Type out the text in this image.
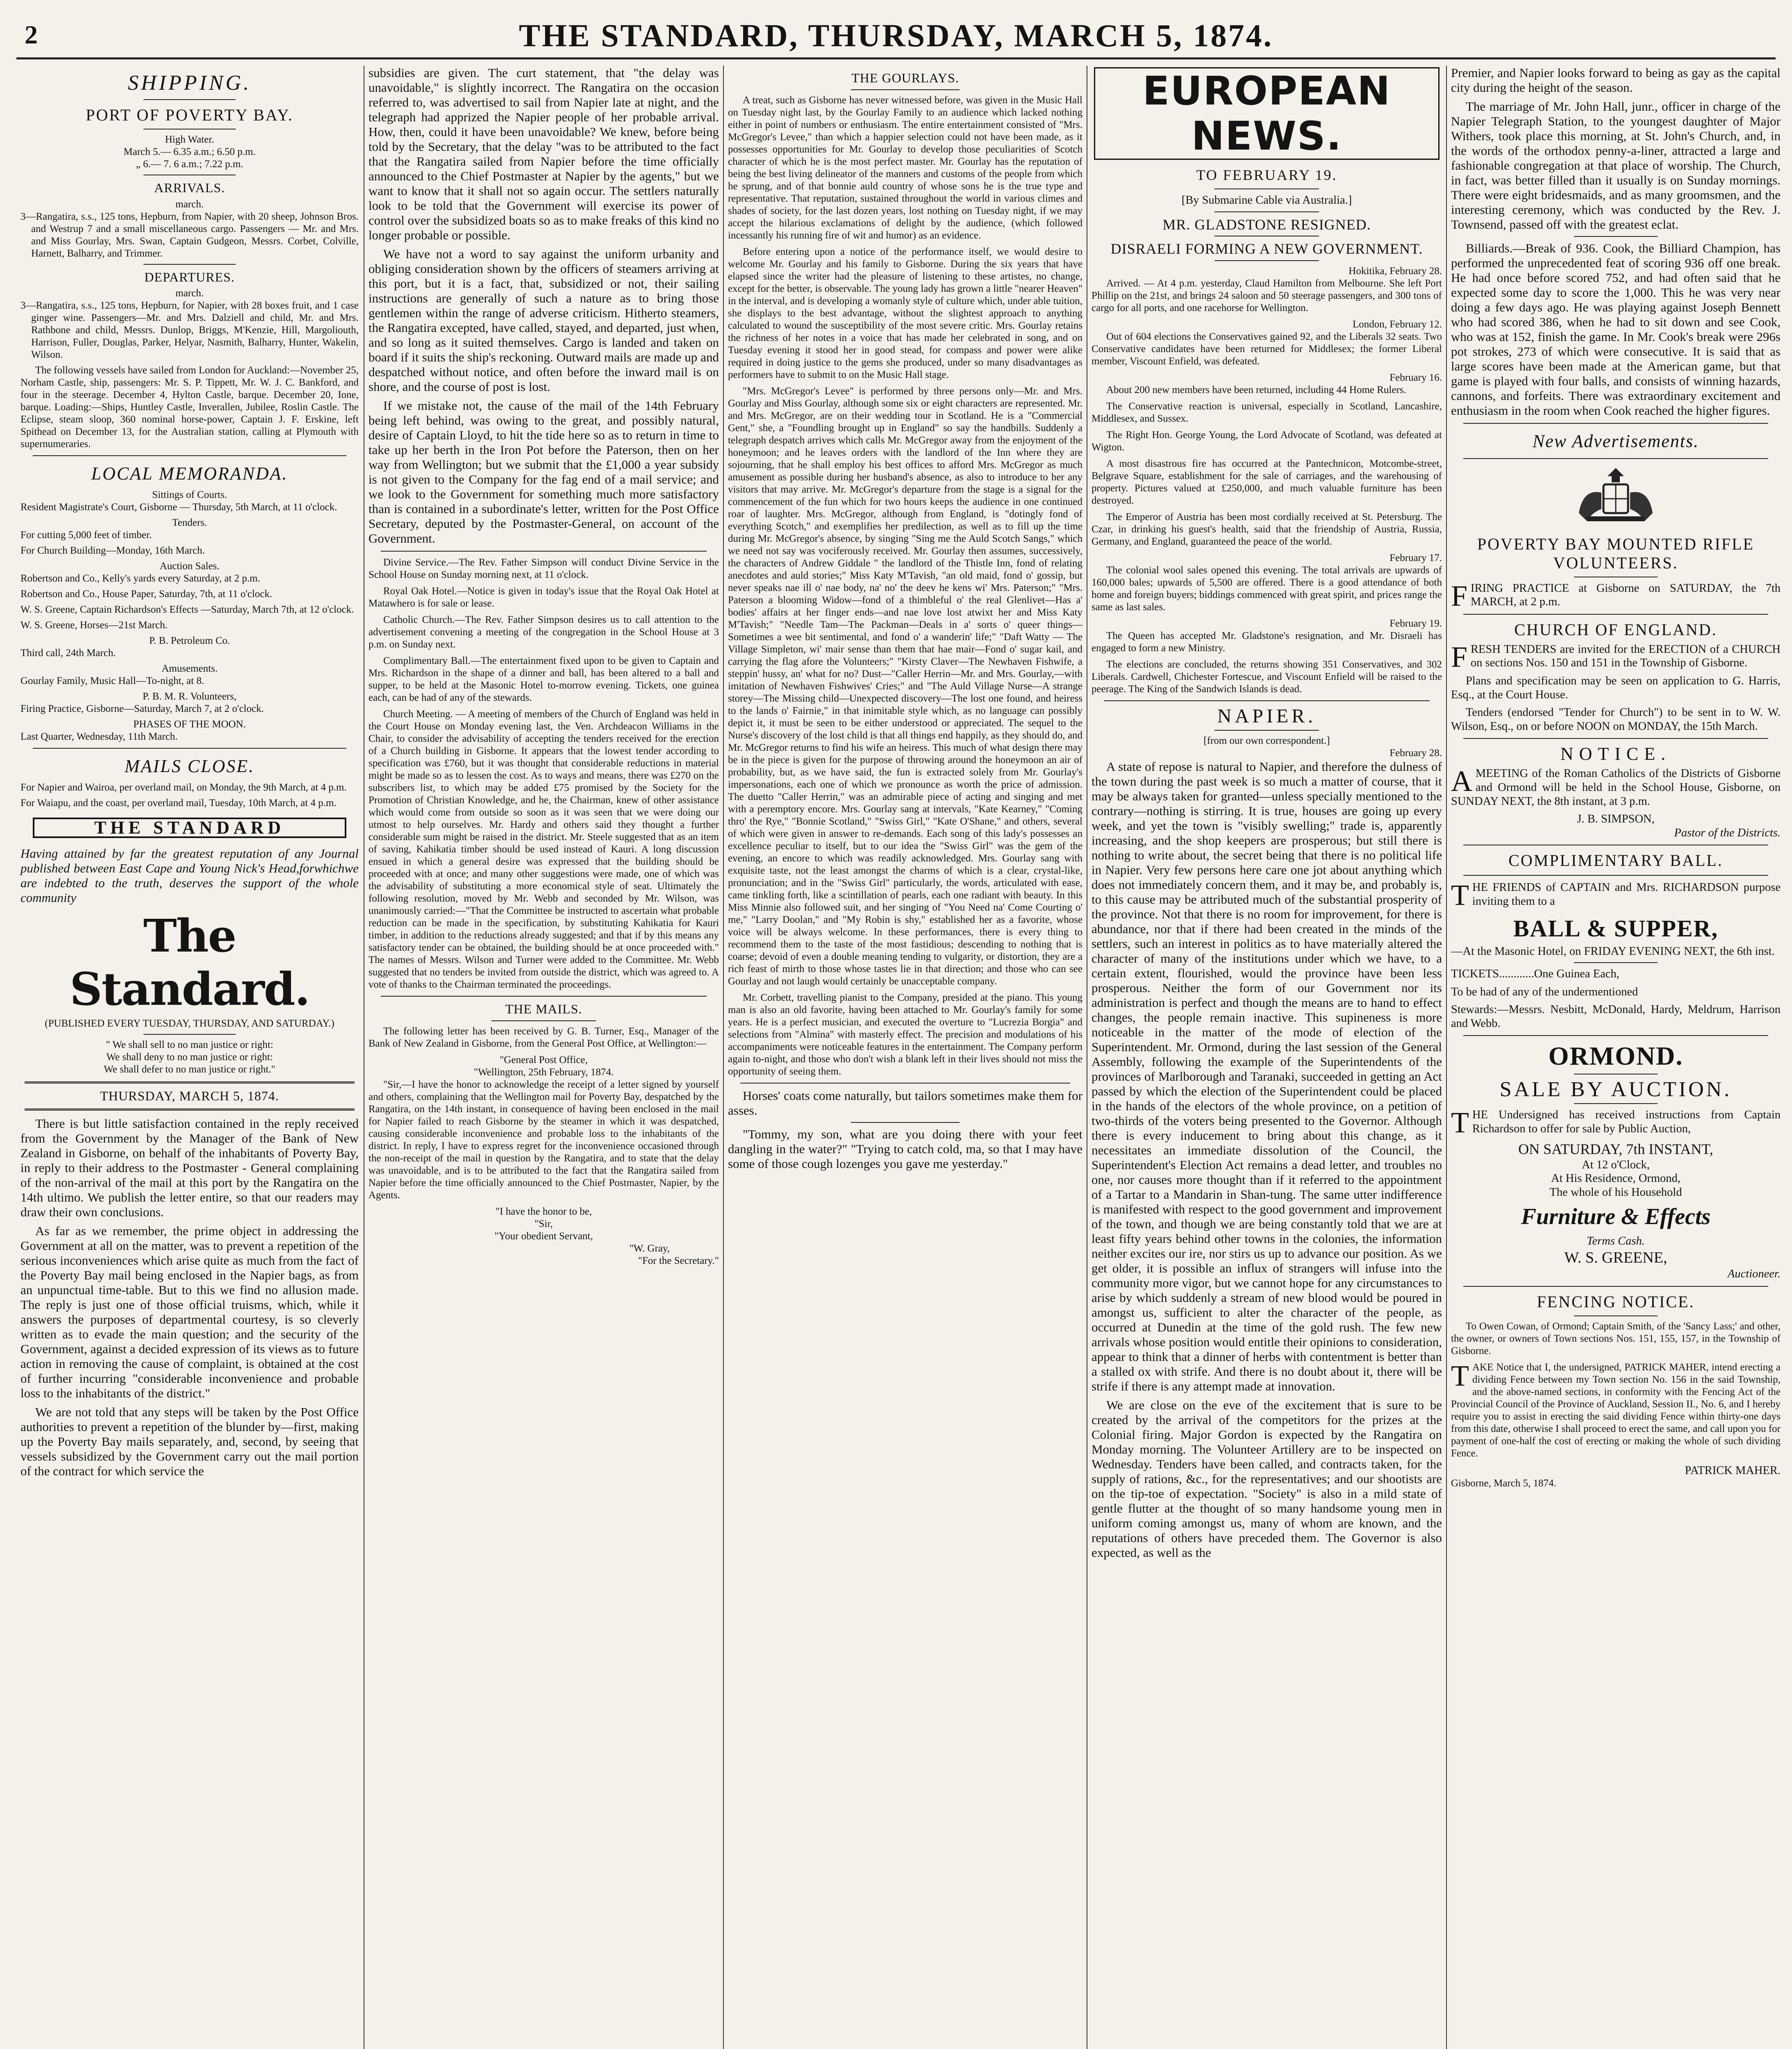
2	THE STANDARD, THURSDAY, MARCH 5, 1874.
SHIPPING.
PORT OF POVERTY BAY.
High Water.
March 5.— 6.35 a.m.; 6.50 p.m.
„ 6.— 7. 6 a.m.; 7.22 p.m.
ARRIVALS.
march.
3—Rangatira, s.s., 125 tons, Hepburn, from Napier, with 20 sheep, Johnson Bros. and Westrup 7 and a small miscellaneous cargo. Passengers — Mr. and Mrs. and Miss Gourlay, Mrs. Swan, Captain Gudgeon, Messrs. Corbet, Colville, Harnett, Balharry, and Trimmer.
DEPARTURES.
march.
3—Rangatira, s.s., 125 tons, Hepburn, for Napier, with 28 boxes fruit, and 1 case ginger wine. Passengers—Mr. and Mrs. Dalziell and child, Mr. and Mrs. Rathbone and child, Messrs. Dunlop, Briggs, M'Kenzie, Hill, Margoliouth, Harrison, Fuller, Douglas, Parker, Helyar, Nasmith, Balharry, Hunter, Wakelin, Wilson.

The following vessels have sailed from London for Auckland:—November 25, Norham Castle, ship, passengers: Mr. S. P. Tippett, Mr. W. J. C. Bankford, and four in the steerage. December 4, Hylton Castle, barque. December 20, Ione, barque. Loading:—Ships, Huntley Castle, Inverallen, Jubilee, Roslin Castle. The Eclipse, steam sloop, 360 nominal horse-power, Captain J. F. Erskine, left Spithead on December 13, for the Australian station, calling at Plymouth with supernumeraries.

LOCAL MEMORANDA.
Sittings of Courts.
Resident Magistrate's Court, Gisborne — Thursday, 5th March, at 11 o'clock.
Tenders.
For cutting 5,000 feet of timber.
For Church Building—Monday, 16th March.
Auction Sales.
Robertson and Co., Kelly's yards every Saturday, at 2 p.m.
Robertson and Co., House Paper, Saturday, 7th, at 11 o'clock.
W. S. Greene, Captain Richardson's Effects —Saturday, March 7th, at 12 o'clock.
W. S. Greene, Horses—21st March.
P. B. Petroleum Co.
Third call, 24th March.
Amusements.
Gourlay Family, Music Hall—To-night, at 8.
P. B. M. R. Volunteers,
Firing Practice, Gisborne—Saturday, March 7, at 2 o'clock.
PHASES OF THE MOON.
Last Quarter, Wednesday, 11th March.
MAILS CLOSE.
For Napier and Wairoa, per overland mail, on Monday, the 9th March, at 4 p.m.
For Waiapu, and the coast, per overland mail, Tuesday, 10th March, at 4 p.m.
THE STANDARD

Having attained by far the greatest reputation of any Journal published between East Cape and Young Nick's Head,forwhichwe are indebted to the truth, deserves the support of the whole community

The Standard.
(PUBLISHED EVERY TUESDAY, THURSDAY, AND SATURDAY.)
" We shall sell to no man justice or right:
We shall deny to no man justice or right:
We shall defer to no man justice or right."
THURSDAY, MARCH 5, 1874.

There is but little satisfaction contained in the reply received from the Government by the Manager of the Bank of New Zealand in Gisborne, on behalf of the inhabitants of Poverty Bay, in reply to their address to the Postmaster - General complaining of the non-arrival of the mail at this port by the Rangatira on the 14th ultimo. We publish the letter entire, so that our readers may draw their own conclusions.

As far as we remember, the prime object in addressing the Government at all on the matter, was to prevent a repetition of the serious inconveniences which arise quite as much from the fact of the Poverty Bay mail being enclosed in the Napier bags, as from an unpunctual time-table. But to this we find no allusion made. The reply is just one of those official truisms, which, while it answers the purposes of departmental courtesy, is so cleverly written as to evade the main question; and the security of the Government, against a decided expression of its views as to future action in removing the cause of complaint, is obtained at the cost of further incurring "considerable inconvenience and probable loss to the inhabitants of the district."

We are not told that any steps will be taken by the Post Office authorities to prevent a repetition of the blunder by—first, making up the Poverty Bay mails separately, and, second, by seeing that vessels subsidized by the Government carry out the mail portion of the contract for which service the

subsidies are given. The curt statement, that "the delay was unavoidable," is slightly incorrect. The Rangatira on the occasion referred to, was advertised to sail from Napier late at night, and the telegraph had apprized the Napier people of her probable arrival. How, then, could it have been unavoidable? We knew, before being told by the Secretary, that the delay "was to be attributed to the fact that the Rangatira sailed from Napier before the time officially announced to the Chief Postmaster at Napier by the agents," but we want to know that it shall not so again occur. The settlers naturally look to be told that the Government will exercise its power of control over the subsidized boats so as to make freaks of this kind no longer probable or possible.

We have not a word to say against the uniform urbanity and obliging consideration shown by the officers of steamers arriving at this port, but it is a fact, that, subsidized or not, their sailing instructions are generally of such a nature as to bring those gentlemen within the range of adverse criticism. Hitherto steamers, the Rangatira excepted, have called, stayed, and departed, just when, and so long as it suited themselves. Cargo is landed and taken on board if it suits the ship's reckoning. Outward mails are made up and despatched without notice, and often before the inward mail is on shore, and the course of post is lost.

If we mistake not, the cause of the mail of the 14th February being left behind, was owing to the great, and possibly natural, desire of Captain Lloyd, to hit the tide here so as to return in time to take up her berth in the Iron Pot before the Paterson, then on her way from Wellington; but we submit that the £1,000 a year subsidy is not given to the Company for the fag end of a mail service; and we look to the Government for something much more satisfactory than is contained in a subordinate's letter, written for the Post Office Secretary, deputed by the Postmaster-General, on account of the Government.

Divine Service.—The Rev. Father Simpson will conduct Divine Service in the School House on Sunday morning next, at 11 o'clock.

Royal Oak Hotel.—Notice is given in today's issue that the Royal Oak Hotel at Matawhero is for sale or lease.

Catholic Church.—The Rev. Father Simpson desires us to call attention to the advertisement convening a meeting of the congregation in the School House at 3 p.m. on Sunday next.

Complimentary Ball.—The entertainment fixed upon to be given to Captain and Mrs. Richardson in the shape of a dinner and ball, has been altered to a ball and supper, to be held at the Masonic Hotel to-morrow evening. Tickets, one guinea each, can be had of any of the stewards.

Church Meeting. — A meeting of members of the Church of England was held in the Court House on Monday evening last, the Ven. Archdeacon Williams in the Chair, to consider the advisability of accepting the tenders received for the erection of a Church building in Gisborne. It appears that the lowest tender according to specification was £760, but it was thought that considerable reductions in material might be made so as to lessen the cost. As to ways and means, there was £270 on the subscribers list, to which may be added £75 promised by the Society for the Promotion of Christian Knowledge, and he, the Chairman, knew of other assistance which would come from outside so soon as it was seen that we were doing our utmost to help ourselves. Mr. Hardy and others said they thought a further considerable sum might be raised in the district. Mr. Steele suggested that as an item of saving, Kahikatia timber should be used instead of Kauri. A long discussion ensued in which a general desire was expressed that the building should be proceeded with at once; and many other suggestions were made, one of which was the advisability of substituting a more economical style of seat. Ultimately the following resolution, moved by Mr. Webb and seconded by Mr. Wilson, was unanimously carried:—"That the Committee be instructed to ascertain what probable reduction can be made in the specification, by substituting Kahikatia for Kauri timber, in addition to the reductions already suggested; and that if by this means any satisfactory tender can be obtained, the building should be at once proceeded with." The names of Messrs. Wilson and Turner were added to the Committee. Mr. Webb suggested that no tenders be invited from outside the district, which was agreed to. A vote of thanks to the Chairman terminated the proceedings.

THE MAILS.

The following letter has been received by G. B. Turner, Esq., Manager of the Bank of New Zealand in Gisborne, from the General Post Office, at Wellington:—

"General Post Office,
"Wellington, 25th February, 1874.

"Sir,—I have the honor to acknowledge the receipt of a letter signed by yourself and others, complaining that the Wellington mail for Poverty Bay, despatched by the Rangatira, on the 14th instant, in consequence of having been enclosed in the mail for Napier failed to reach Gisborne by the steamer in which it was despatched, causing considerable inconvenience and probable loss to the inhabitants of the district. In reply, I have to express regret for the inconvenience occasioned through the non-receipt of the mail in question by the Rangatira, and to state that the delay was unavoidable, and is to be attributed to the fact that the Rangatira sailed from Napier before the time officially announced to the Chief Postmaster, Napier, by the Agents.

"I have the honor to be,
"Sir,
"Your obedient Servant,
"W. Gray,
"For the Secretary."
THE GOURLAYS.

A treat, such as Gisborne has never witnessed before, was given in the Music Hall on Tuesday night last, by the Gourlay Family to an audience which lacked nothing either in point of numbers or enthusiasm. The entire entertainment consisted of "Mrs. McGregor's Levee," than which a happier selection could not have been made, as it possesses opportunities for Mr. Gourlay to develop those peculiarities of Scotch character of which he is the most perfect master. Mr. Gourlay has the reputation of being the best living delineator of the manners and customs of the people from which he sprung, and of that bonnie auld country of whose sons he is the true type and representative. That reputation, sustained throughout the world in various climes and shades of society, for the last dozen years, lost nothing on Tuesday night, if we may accept the hilarious exclamations of delight by the audience, (which followed incessantly his running fire of wit and humor) as an evidence.

Before entering upon a notice of the performance itself, we would desire to welcome Mr. Gourlay and his family to Gisborne. During the six years that have elapsed since the writer had the pleasure of listening to these artistes, no change, except for the better, is observable. The young lady has grown a little "nearer Heaven" in the interval, and is developing a womanly style of culture which, under able tuition, she displays to the best advantage, without the slightest approach to anything calculated to wound the susceptibility of the most severe critic. Mrs. Gourlay retains the richness of her notes in a voice that has made her celebrated in song, and on Tuesday evening it stood her in good stead, for compass and power were alike required in doing justice to the gems she produced, under so many disadvantages as performers have to submit to on the Music Hall stage.

"Mrs. McGregor's Levee" is performed by three persons only—Mr. and Mrs. Gourlay and Miss Gourlay, although some six or eight characters are represented. Mr. and Mrs. McGregor, are on their wedding tour in Scotland. He is a "Commercial Gent," she, a "Foundling brought up in England" so say the handbills. Suddenly a telegraph despatch arrives which calls Mr. McGregor away from the enjoyment of the honeymoon; and he leaves orders with the landlord of the Inn where they are sojourning, that he shall employ his best offices to afford Mrs. McGregor as much amusement as possible during her husband's absence, as also to introduce to her any visitors that may arrive. Mr. McGregor's departure from the stage is a signal for the commencement of the fun which for two hours keeps the audience in one continued roar of laughter. Mrs. McGregor, although from England, is "dotingly fond of everything Scotch," and exemplifies her predilection, as well as to fill up the time during Mr. McGregor's absence, by singing "Sing me the Auld Scotch Sangs," which we need not say was vociferously received. Mr. Gourlay then assumes, successively, the characters of Andrew Giddale " the landlord of the Thistle Inn, fond of relating anecdotes and auld stories;" Miss Katy M'Tavish, "an old maid, fond o' gossip, but never speaks nae ill o' nae body, na' no' the deev he kens wi' Mrs. Paterson;" "Mrs. Paterson a blooming Widow—fond of a thimbleful o' the real Glenlivet—Has a' bodies' affairs at her finger ends—and nae love lost atwixt her and Miss Katy M'Tavish;" "Needle Tam—The Packman—Deals in a' sorts o' queer things—Sometimes a wee bit sentimental, and fond o' a wanderin' life;" "Daft Watty — The Village Simpleton, wi' mair sense than them that hae mair—Fond o' sugar kail, and carrying the flag afore the Volunteers;" "Kirsty Claver—The Newhaven Fishwife, a steppin' hussy, an' what for no? Dust—"Caller Herrin—Mr. and Mrs. Gourlay,—with imitation of Newhaven Fishwives' Cries;" and "The Auld Village Nurse—A strange storey—The Missing child—Unexpected discovery—The lost one found, and heiress to the lands o' Fairnie," in that inimitable style which, as no language can possibly depict it, it must be seen to be either understood or appreciated. The sequel to the Nurse's discovery of the lost child is that all things end happily, as they should do, and Mr. McGregor returns to find his wife an heiress. This much of what design there may be in the piece is given for the purpose of throwing around the honeymoon an air of probability, but, as we have said, the fun is extracted solely from Mr. Gourlay's impersonations, each one of which we pronounce as worth the price of admission. The duetto "Caller Herrin," was an admirable piece of acting and singing and met with a peremptory encore. Mrs. Gourlay sang at intervals, "Kate Kearney," "Coming thro' the Rye," "Bonnie Scotland," "Swiss Girl," "Kate O'Shane," and others, several of which were given in answer to re-demands. Each song of this lady's possesses an excellence peculiar to itself, but to our idea the "Swiss Girl" was the gem of the evening, an encore to which was readily acknowledged. Mrs. Gourlay sang with exquisite taste, not the least amongst the charms of which is a clear, crystal-like, pronunciation; and in the "Swiss Girl" particularly, the words, articulated with ease, came tinkling forth, like a scintillation of pearls, each one radiant with beauty. In this Miss Minnie also followed suit, and her singing of "You Need na' Come Courting o' me," "Larry Doolan," and "My Robin is shy," established her as a favorite, whose voice will be always welcome. In these performances, there is every thing to recommend them to the taste of the most fastidious; descending to nothing that is coarse; devoid of even a double meaning tending to vulgarity, or distortion, they are a rich feast of mirth to those whose tastes lie in that direction; and those who can see Gourlay and not laugh would certainly be unacceptable company.

Mr. Corbett, travelling pianist to the Company, presided at the piano. This young man is also an old favorite, having been attached to Mr. Gourlay's family for some years. He is a perfect musician, and executed the overture to "Lucrezia Borgia" and selections from "Almina" with masterly effect. The precision and modulations of his accompaniments were noticeable features in the entertainment. The Company perform again to-night, and those who don't wish a blank left in their lives should not miss the opportunity of seeing them.

Horses' coats come naturally, but tailors sometimes make them for asses.

"Tommy, my son, what are you doing there with your feet dangling in the water?" "Trying to catch cold, ma, so that I may have some of those cough lozenges you gave me yesterday."

EUROPEAN NEWS.
TO FEBRUARY 19.
[By Submarine Cable via Australia.]
MR. GLADSTONE RESIGNED.
DISRAELI FORMING A NEW GOVERNMENT.
Hokitika, February 28.

Arrived. — At 4 p.m. yesterday, Claud Hamilton from Melbourne. She left Port Phillip on the 21st, and brings 24 saloon and 50 steerage passengers, and 300 tons of cargo for all ports, and one racehorse for Wellington.

London, February 12.

Out of 604 elections the Conservatives gained 92, and the Liberals 32 seats. Two Conservative candidates have been returned for Middlesex; the former Liberal member, Viscount Enfield, was defeated.

February 16.

About 200 new members have been returned, including 44 Home Rulers.

The Conservative reaction is universal, especially in Scotland, Lancashire, Middlesex, and Sussex.

The Right Hon. George Young, the Lord Advocate of Scotland, was defeated at Wigton.

A most disastrous fire has occurred at the Pantechnicon, Motcombe-street, Belgrave Square, establishment for the sale of carriages, and the warehousing of property. Pictures valued at £250,000, and much valuable furniture has been destroyed.

The Emperor of Austria has been most cordially received at St. Petersburg. The Czar, in drinking his guest's health, said that the friendship of Austria, Russia, Germany, and England, guaranteed the peace of the world.

February 17.

The colonial wool sales opened this evening. The total arrivals are upwards of 160,000 bales; upwards of 5,500 are offered. There is a good attendance of both home and foreign buyers; biddings commenced with great spirit, and prices range the same as last sales.

February 19.

The Queen has accepted Mr. Gladstone's resignation, and Mr. Disraeli has engaged to form a new Ministry.

The elections are concluded, the returns showing 351 Conservatives, and 302 Liberals. Cardwell, Chichester Fortescue, and Viscount Enfield will be raised to the peerage. The King of the Sandwich Islands is dead.

NAPIER.
[from our own correspondent.]
February 28.

A state of repose is natural to Napier, and therefore the dulness of the town during the past week is so much a matter of course, that it may be always taken for granted—unless specially mentioned to the contrary—nothing is stirring. It is true, houses are going up every week, and yet the town is "visibly swelling;" trade is, apparently increasing, and the shop keepers are prosperous; but still there is nothing to write about, the secret being that there is no political life in Napier. Very few persons here care one jot about anything which does not immediately concern them, and it may be, and probably is, to this cause may be attributed much of the substantial prosperity of the province. Not that there is no room for improvement, for there is abundance, nor that if there had been created in the minds of the settlers, such an interest in politics as to have materially altered the character of many of the institutions under which we have, to a certain extent, flourished, would the province have been less prosperous. Neither the form of our Government nor its administration is perfect and though the means are to hand to effect changes, the people remain inactive. This supineness is more noticeable in the matter of the mode of election of the Superintendent. Mr. Ormond, during the last session of the General Assembly, following the example of the Superintendents of the provinces of Marlborough and Taranaki, succeeded in getting an Act passed by which the election of the Superintendent could be placed in the hands of the electors of the whole province, on a petition of two-thirds of the voters being presented to the Governor. Although there is every inducement to bring about this change, as it necessitates an immediate dissolution of the Council, the Superintendent's Election Act remains a dead letter, and troubles no one, nor causes more thought than if it referred to the appointment of a Tartar to a Mandarin in Shan-tung. The same utter indifference is manifested with respect to the good government and improvement of the town, and though we are being constantly told that we are at least fifty years behind other towns in the colonies, the information neither excites our ire, nor stirs us up to advance our position. As we get older, it is possible an influx of strangers will infuse into the community more vigor, but we cannot hope for any circumstances to arise by which suddenly a stream of new blood would be poured in amongst us, sufficient to alter the character of the people, as occurred at Dunedin at the time of the gold rush. The few new arrivals whose position would entitle their opinions to consideration, appear to think that a dinner of herbs with contentment is better than a stalled ox with strife. And there is no doubt about it, there will be strife if there is any attempt made at innovation.

We are close on the eve of the excitement that is sure to be created by the arrival of the competitors for the prizes at the Colonial firing. Major Gordon is expected by the Rangatira on Monday morning. The Volunteer Artillery are to be inspected on Wednesday. Tenders have been called, and contracts taken, for the supply of rations, &c., for the representatives; and our shootists are on the tip-toe of expectation. "Society" is also in a mild state of gentle flutter at the thought of so many handsome young men in uniform coming amongst us, many of whom are known, and the reputations of others have preceded them. The Governor is also expected, as well as the

Premier, and Napier looks forward to being as gay as the capital city during the height of the season.

The marriage of Mr. John Hall, junr., officer in charge of the Napier Telegraph Station, to the youngest daughter of Major Withers, took place this morning, at St. John's Church, and, in the words of the orthodox penny-a-liner, attracted a large and fashionable congregation at that place of worship. The Church, in fact, was better filled than it usually is on Sunday mornings. There were eight bridesmaids, and as many groomsmen, and the interesting ceremony, which was conducted by the Rev. J. Townsend, passed off with the greatest eclat.

Billiards.—Break of 936. Cook, the Billiard Champion, has performed the unprecedented feat of scoring 936 off one break. He had once before scored 752, and had often said that he expected some day to score the 1,000. This he was very near doing a few days ago. He was playing against Joseph Bennett who had scored 386, when he had to sit down and see Cook, who was at 152, finish the game. In Mr. Cook's break were 296s pot strokes, 273 of which were consecutive. It is said that as large scores have been made at the American game, but that game is played with four balls, and consists of winning hazards, cannons, and forfeits. There was extraordinary excitement and enthusiasm in the room when Cook reached the higher figures.

New Advertisements.
POVERTY BAY MOUNTED RIFLE VOLUNTEERS.

FIRING PRACTICE at Gisborne on SATURDAY, the 7th MARCH, at 2 p.m.

CHURCH OF ENGLAND.

FRESH TENDERS are invited for the ERECTION of a CHURCH on sections Nos. 150 and 151 in the Township of Gisborne.

Plans and specification may be seen on application to G. Harris, Esq., at the Court House.

Tenders (endorsed "Tender for Church") to be sent in to W. W. Wilson, Esq., on or before NOON on MONDAY, the 15th March.

NOTICE.

AMEETING of the Roman Catholics of the Districts of Gisborne and Ormond will be held in the School House, Gisborne, on SUNDAY NEXT, the 8th instant, at 3 p.m.

J. B. SIMPSON,
Pastor of the Districts.
COMPLIMENTARY BALL.

THE FRIENDS of CAPTAIN and Mrs. RICHARDSON purpose inviting them to a

BALL & SUPPER,

—At the Masonic Hotel, on FRIDAY EVENING NEXT, the 6th inst.

TICKETS............One Guinea Each,

To be had of any of the undermentioned

Stewards:—Messrs. Nesbitt, McDonald, Hardy, Meldrum, Harrison and Webb.

ORMOND.
SALE BY AUCTION.

THE Undersigned has received instructions from Captain Richardson to offer for sale by Public Auction,

ON SATURDAY, 7th INSTANT,
At 12 o'Clock,
At His Residence, Ormond,
The whole of his Household
Furniture & Effects
Terms Cash.
W. S. GREENE,
Auctioneer.
FENCING NOTICE.

To Owen Cowan, of Ormond; Captain Smith, of the 'Sancy Lass;' and other, the owner, or owners of Town sections Nos. 151, 155, 157, in the Township of Gisborne.

TAKE Notice that I, the undersigned, PATRICK MAHER, intend erecting a dividing Fence between my Town section No. 156 in the said Township, and the above-named sections, in conformity with the Fencing Act of the Provincial Council of the Province of Auckland, Session II., No. 6, and I hereby require you to assist in erecting the said dividing Fence within thirty-one days from this date, otherwise I shall proceed to erect the same, and call upon you for payment of one-half the cost of erecting or making the whole of such dividing Fence.

PATRICK MAHER.
Gisborne, March 5, 1874.
